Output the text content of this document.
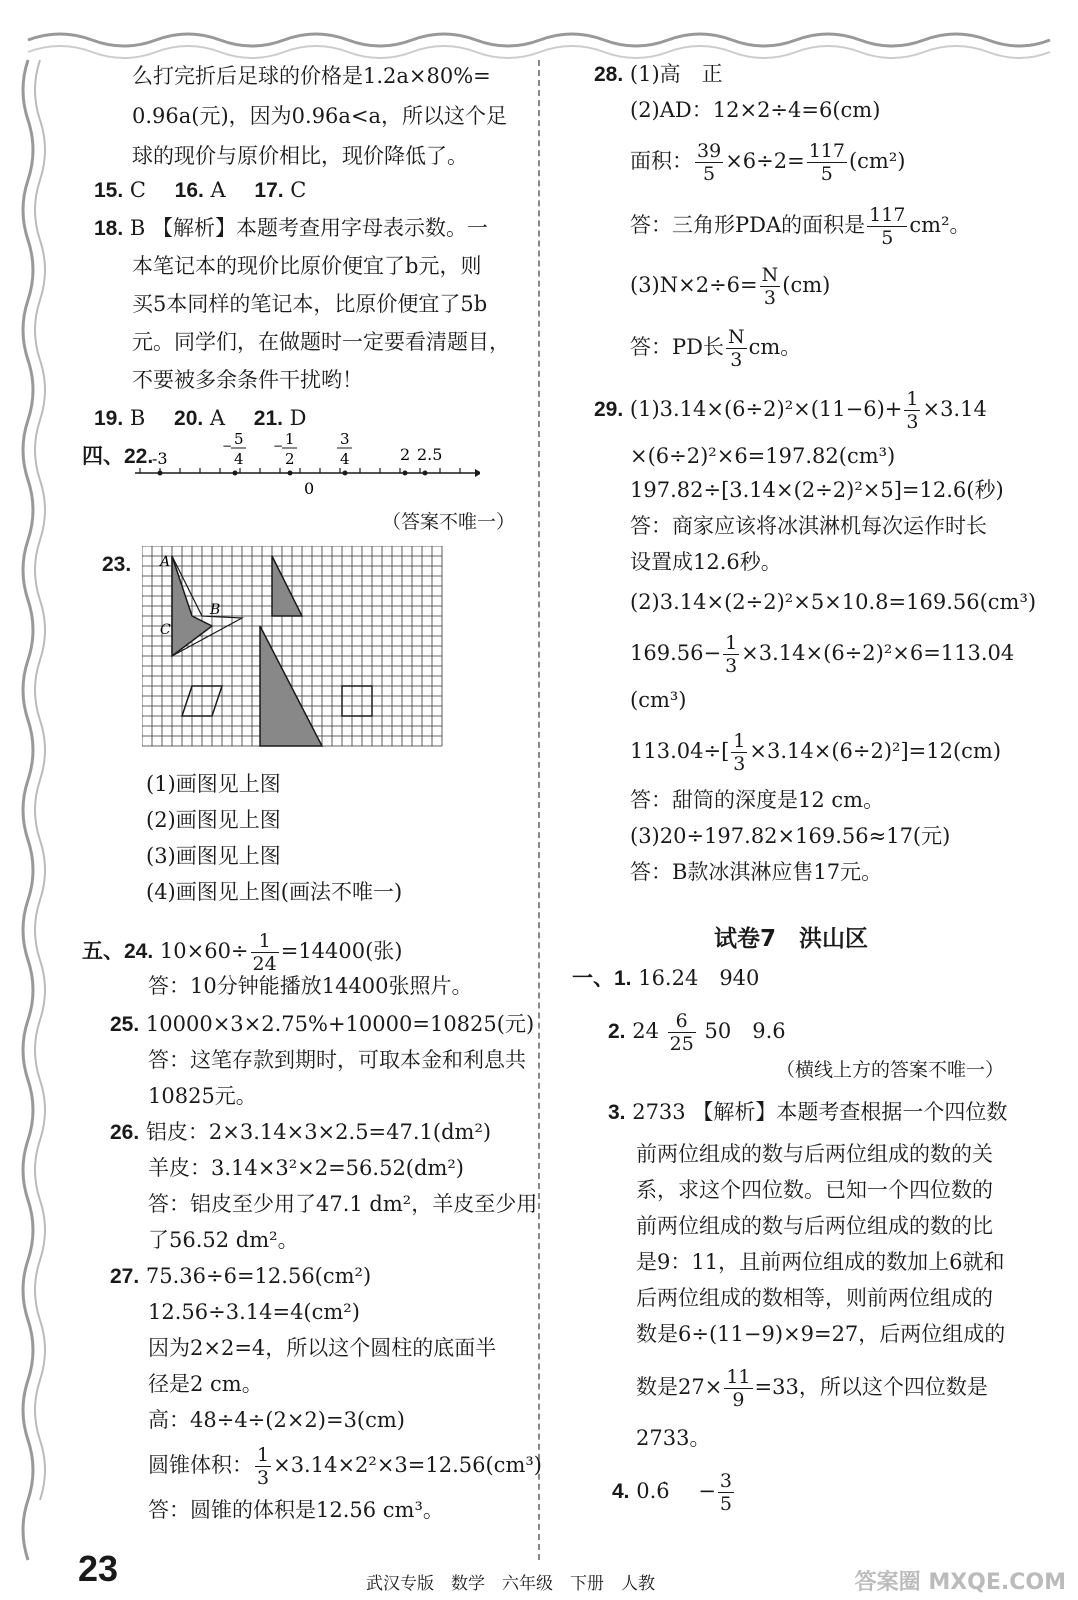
么打完折后足球的价格是1.2a×80%=
0.96a(元)，因为0.96a<a，所以这个足
球的现价与原价相比，现价降低了。
15. C 16. A 17. C
18. B 【解析】本题考查用字母表示数。一
本笔记本的现价比原价便宜了b元，则
买5本同样的笔记本，比原价便宜了5b
元。同学们，在做题时一定要看清题目，
不要被多余条件干扰哟！
19. B 20. A 21. D
四、22.
-3
− 5
4
− 1
2
3
4	2 2.5
0
（答案不唯一）
23. A
B
C
(1)画图见上图
(2)画图见上图
(3)画图见上图
(4)画图见上图(画法不唯一)
五、24. $10\times 60\div \frac{1}{24} =14400$(张)
答：10分钟能播放14400张照片。
25. 10000×3×2.75%+10000=10825(元)
答：这笔存款到期时，可取本金和利息共
10825元。
26. 铝皮：2×3.14×3×2.5=47.1(dm²)
羊皮：3.14×3²×2=56.52(dm²)
答：铝皮至少用了47.1 dm²，羊皮至少用
了56.52 dm²。
27. 75.36÷6=12.56(cm²)
12.56÷3.14=4(cm²)
因为2×2=4，所以这个圆柱的底面半
径是2 cm。
高：48÷4÷(2×2)=3(cm)
圆锥体积： $\frac{1}{3} \times 3.14\times 2^2\times 3=12.56(cm^3)$
答：圆锥的体积是12.56 cm³。
28. (1)高　正
(2)AD：12×2÷4=6(cm)
面积： $\frac{39}{5} \times 6\div 2= \frac{117}{5} (cm^2)$
答：三角形PDA的面积是 $\frac{117}{5} cm^2$。
$(3)N\times 2\div 6= \frac{N}{3} (cm)$
答：PD长 $\frac{N}{3}$ cm。
29. $(1)3.14\times(6\div 2)^2\times(11-6)+ \frac{1}{3} \times 3.14$
×(6÷2)²×6=197.82(cm³)
197.82÷[3.14×(2÷2)²×5]=12.6(秒)
答：商家应该将冰淇淋机每次运作时长
设置成12.6秒。
(2)3.14×(2÷2)²×5×10.8=169.56(cm³)
$169.56- \frac{1}{3} \times 3.14\times(6\div 2)^2\times 6=113.04$
(cm³)
$113.04\div[ \frac{1}{3} \times 3.14\times(6\div 2)^2]=12(cm)$
答：甜筒的深度是12 cm。
(3)20÷197.82×169.56≈17(元)
答：B款冰淇淋应售17元。
试卷7　洪山区
一、1. 16.24　940
2. $24 \frac{6}{25} 50$　9.6
（横线上方的答案不唯一）
3. 2733 【解析】本题考查根据一个四位数
前两位组成的数与后两位组成的数的关
系，求这个四位数。已知一个四位数的
前两位组成的数与后两位组成的数的比
是9：11，且前两位组成的数加上6就和
后两位组成的数相等，则前两位组成的
数是6÷(11−9)×9=27，后两位组成的
数是$27\times \frac{11}{9} =33$，所以这个四位数是
2733。
4. 0.6̇ − $\frac{3}{5}$
23	武汉专版　数学　六年级　下册　人教	答案圈 MXQE.COM
